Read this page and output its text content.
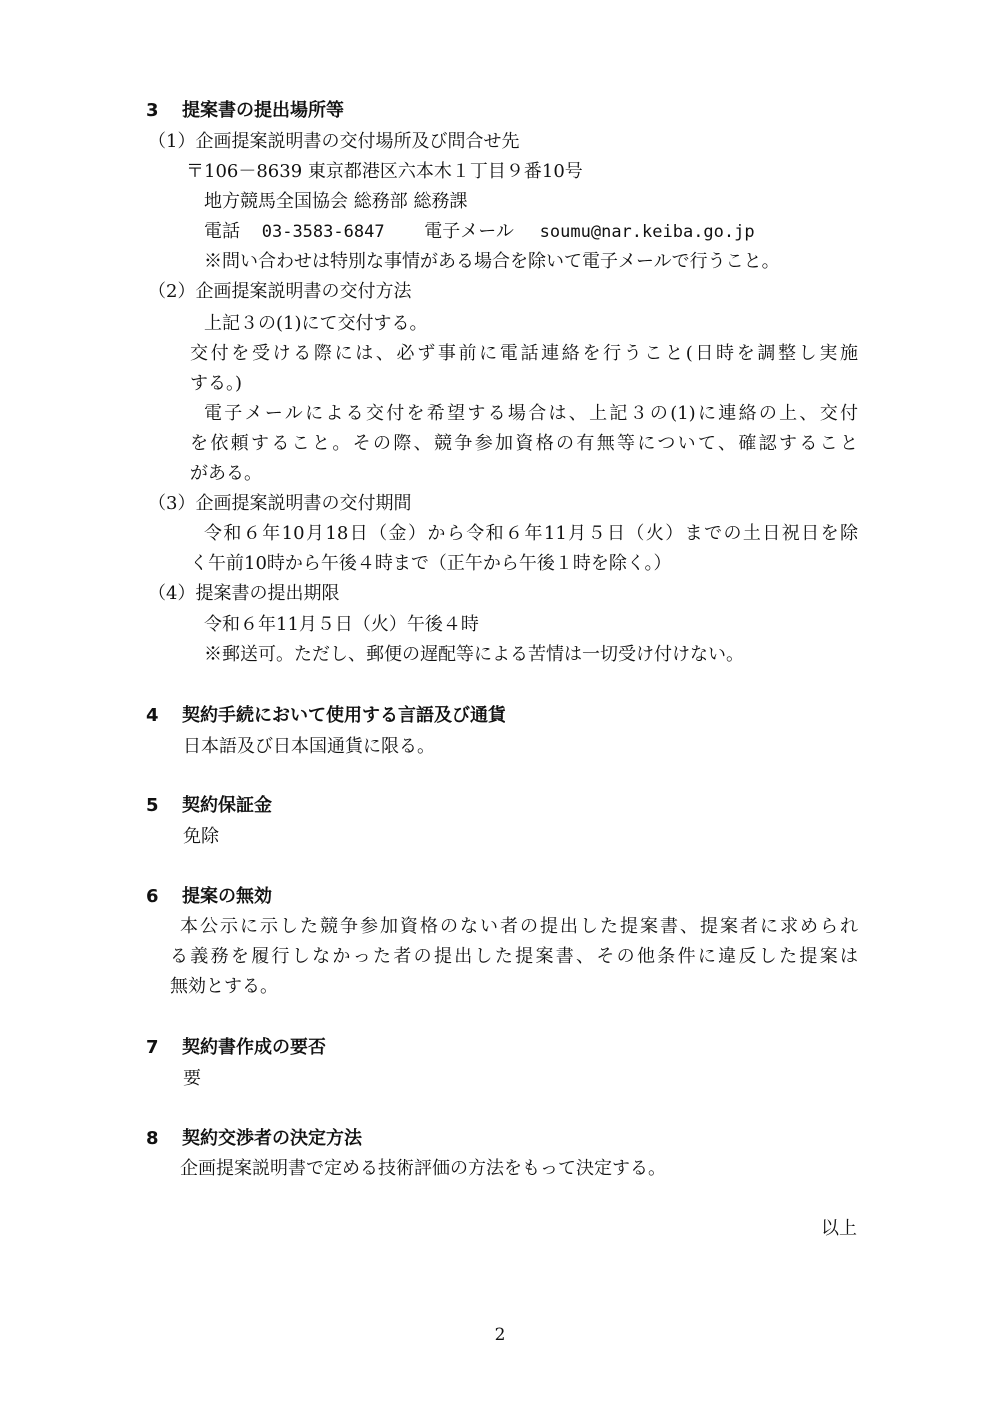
3 提案書の提出場所等
（1）企画提案説明書の交付場所及び問合せ先
〒106－8639 東京都港区六本木１丁目９番10号
地方競馬全国協会 総務部 総務課
電話 03-3583-6847 電子メール soumu@nar.keiba.go.jp
※問い合わせは特別な事情がある場合を除いて電子メールで行うこと。
（2）企画提案説明書の交付方法
上記３の(1)にて交付する。
交付を受ける際には、必ず事前に電話連絡を行うこと(日時を調整し実施
する。)
電子メールによる交付を希望する場合は、上記３の(1)に連絡の上、交付
を依頼すること。その際、競争参加資格の有無等について、確認すること
がある。
（3）企画提案説明書の交付期間
令和６年10月18日（金）から令和６年11月５日（火）までの土日祝日を除
く午前10時から午後４時まで（正午から午後１時を除く。）
（4）提案書の提出期限
令和６年11月５日（火）午後４時
※郵送可。ただし、郵便の遅配等による苦情は一切受け付けない。
4 契約手続において使用する言語及び通貨
日本語及び日本国通貨に限る。
5 契約保証金
免除
6 提案の無効
本公示に示した競争参加資格のない者の提出した提案書、提案者に求められ
る義務を履行しなかった者の提出した提案書、その他条件に違反した提案は
無効とする。
7 契約書作成の要否
要
8 契約交渉者の決定方法
企画提案説明書で定める技術評価の方法をもって決定する。
以上
2
